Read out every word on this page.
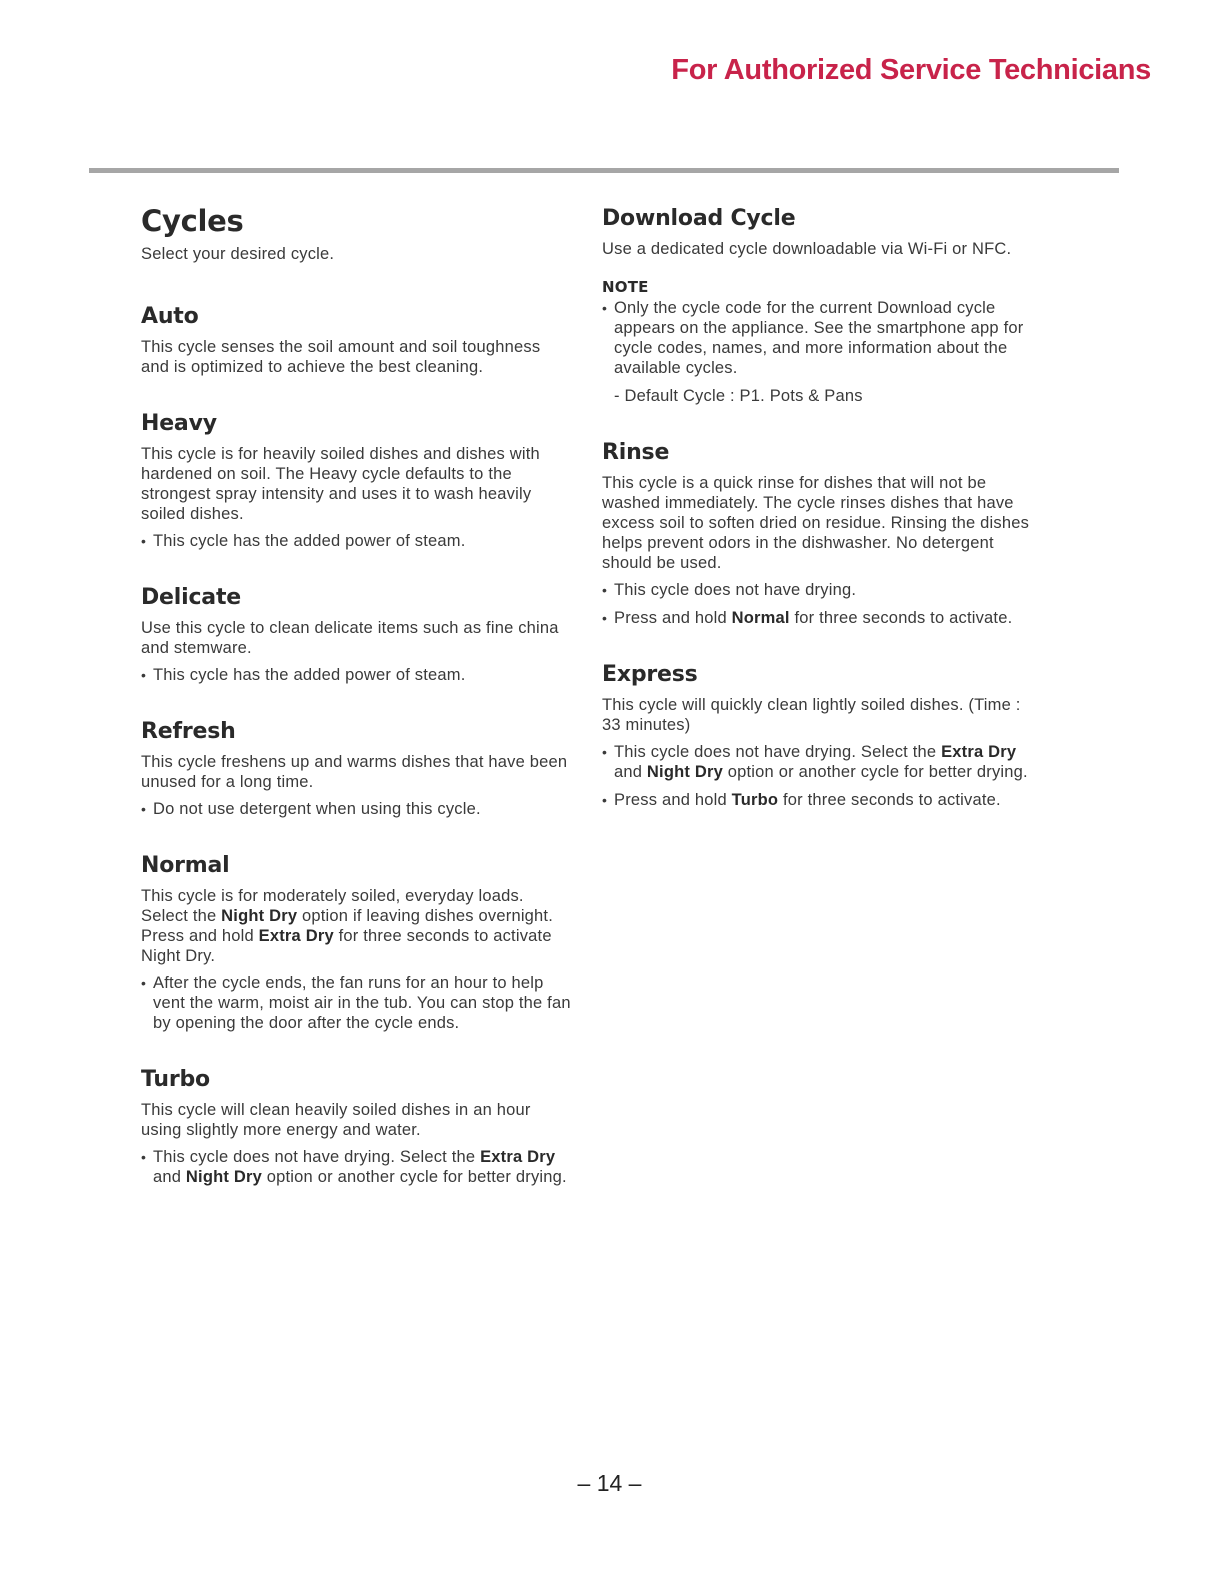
For Authorized Service Technicians
Cycles

Select your desired cycle.

Auto

This cycle senses the soil amount and soil toughness and is optimized to achieve the best cleaning.

Heavy

This cycle is for heavily soiled dishes and dishes with hardened on soil. The Heavy cycle defaults to the strongest spray intensity and uses it to wash heavily soiled dishes.

• This cycle has the added power of steam.
Delicate

Use this cycle to clean delicate items such as fine china and stemware.

• This cycle has the added power of steam.
Refresh

This cycle freshens up and warms dishes that have been unused for a long time.

• Do not use detergent when using this cycle.
Normal

This cycle is for moderately soiled, everyday loads. Select the Night Dry option if leaving dishes overnight. Press and hold Extra Dry for three seconds to activate Night Dry.

• After the cycle ends, the fan runs for an hour to help vent the warm, moist air in the tub. You can stop the fan by opening the door after the cycle ends.
Turbo

This cycle will clean heavily soiled dishes in an hour using slightly more energy and water.

• This cycle does not have drying. Select the Extra Dry and Night Dry option or another cycle for better drying.
Download Cycle

Use a dedicated cycle downloadable via Wi-Fi or NFC.

NOTE
• Only the cycle code for the current Download cycle appears on the appliance. See the smartphone app for cycle codes, names, and more information about the available cycles.
- Default Cycle : P1. Pots & Pans
Rinse

This cycle is a quick rinse for dishes that will not be washed immediately. The cycle rinses dishes that have excess soil to soften dried on residue. Rinsing the dishes helps prevent odors in the dishwasher. No detergent should be used.

• This cycle does not have drying.
• Press and hold Normal for three seconds to activate.
Express

This cycle will quickly clean lightly soiled dishes. (Time : 33 minutes)

• This cycle does not have drying. Select the Extra Dry and Night Dry option or another cycle for better drying.
• Press and hold Turbo for three seconds to activate.
– 14 –
